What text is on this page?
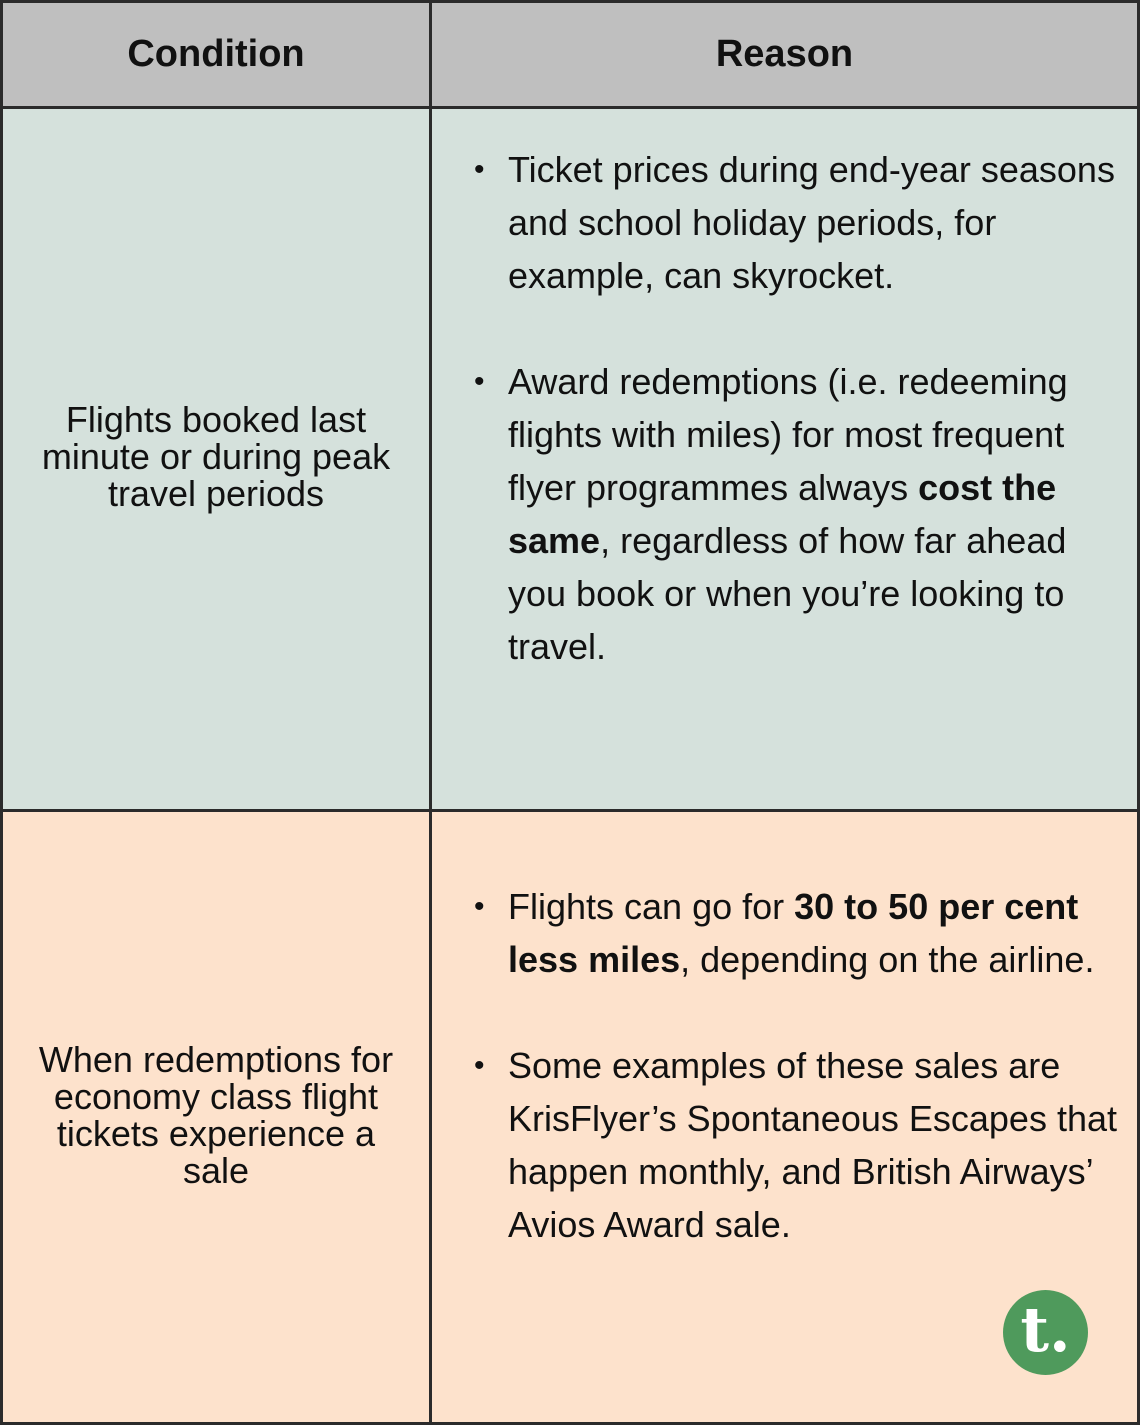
Condition	Reason
Flights booked last minute or during peak travel periods
• Ticket prices during end-year seasons and school holiday periods, for example, can skyrocket.
• Award redemptions (i.e. redeeming flights with miles) for most frequent flyer programmes always cost the same, regardless of how far ahead you book or when you’re looking to travel.
When redemptions for economy class flight tickets experience a sale
• Flights can go for 30 to 50 per cent less miles, depending on the airline.
• Some examples of these sales are KrisFlyer’s Spontaneous Escapes that happen monthly, and British Airways’ Avios Award sale.
t.
